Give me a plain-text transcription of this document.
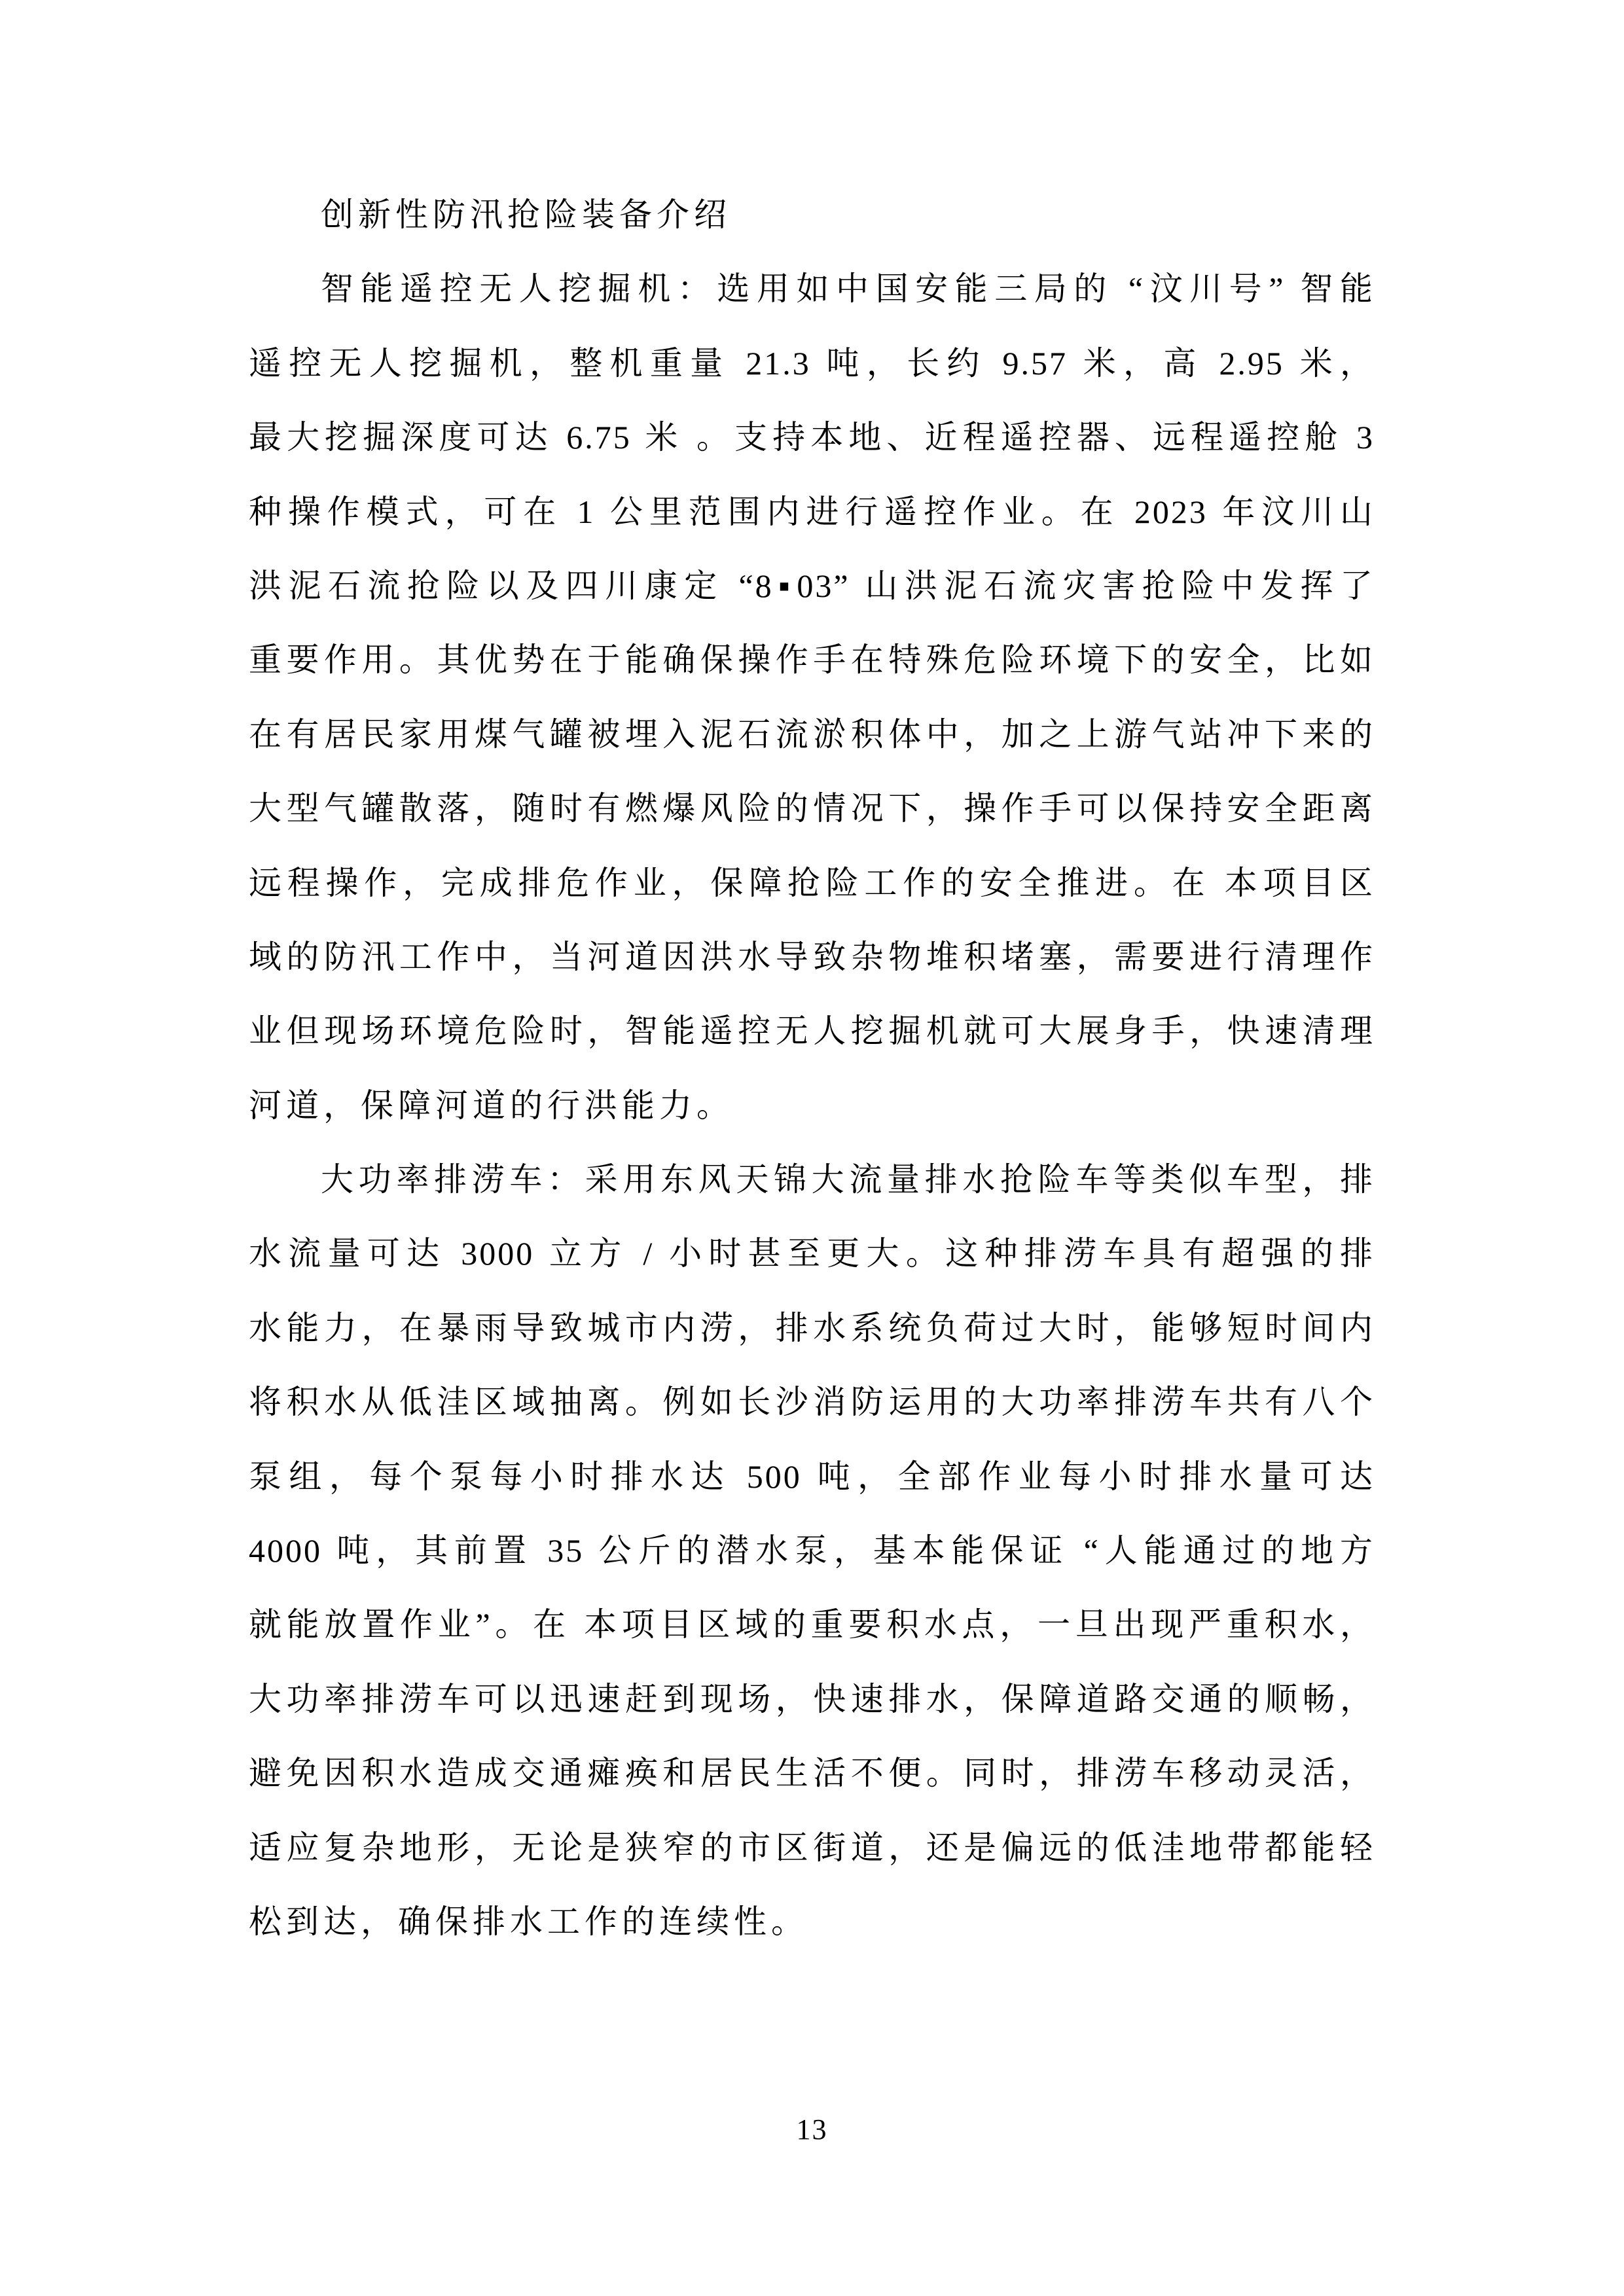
创新性防汛抢险装备介绍
智能遥控无人挖掘机：选用如中国安能三局的 “汶川号” 智能
遥控无人挖掘机，整机重量 21.3 吨，长约 9.57 米，高 2.95 米，
最大挖掘深度可达 6.75 米 。支持本地、近程遥控器、远程遥控舱 3
种操作模式，可在 1 公里范围内进行遥控作业。在 2023 年汶川山
洪泥石流抢险以及四川康定 “8▪03” 山洪泥石流灾害抢险中发挥了
重要作用。其优势在于能确保操作手在特殊危险环境下的安全，比如
在有居民家用煤气罐被埋入泥石流淤积体中，加之上游气站冲下来的
大型气罐散落，随时有燃爆风险的情况下，操作手可以保持安全距离
远程操作，完成排危作业，保障抢险工作的安全推进。在 本项目区
域的防汛工作中，当河道因洪水导致杂物堆积堵塞，需要进行清理作
业但现场环境危险时，智能遥控无人挖掘机就可大展身手，快速清理
河道，保障河道的行洪能力。
大功率排涝车：采用东风天锦大流量排水抢险车等类似车型，排
水流量可达 3000 立方 / 小时甚至更大。这种排涝车具有超强的排
水能力，在暴雨导致城市内涝，排水系统负荷过大时，能够短时间内
将积水从低洼区域抽离。例如长沙消防运用的大功率排涝车共有八个
泵组，每个泵每小时排水达 500 吨，全部作业每小时排水量可达
4000 吨，其前置 35 公斤的潜水泵，基本能保证 “人能通过的地方
就能放置作业”。在 本项目区域的重要积水点，一旦出现严重积水，
大功率排涝车可以迅速赶到现场，快速排水，保障道路交通的顺畅，
避免因积水造成交通瘫痪和居民生活不便。同时，排涝车移动灵活，
适应复杂地形，无论是狭窄的市区街道，还是偏远的低洼地带都能轻
松到达，确保排水工作的连续性。
13
